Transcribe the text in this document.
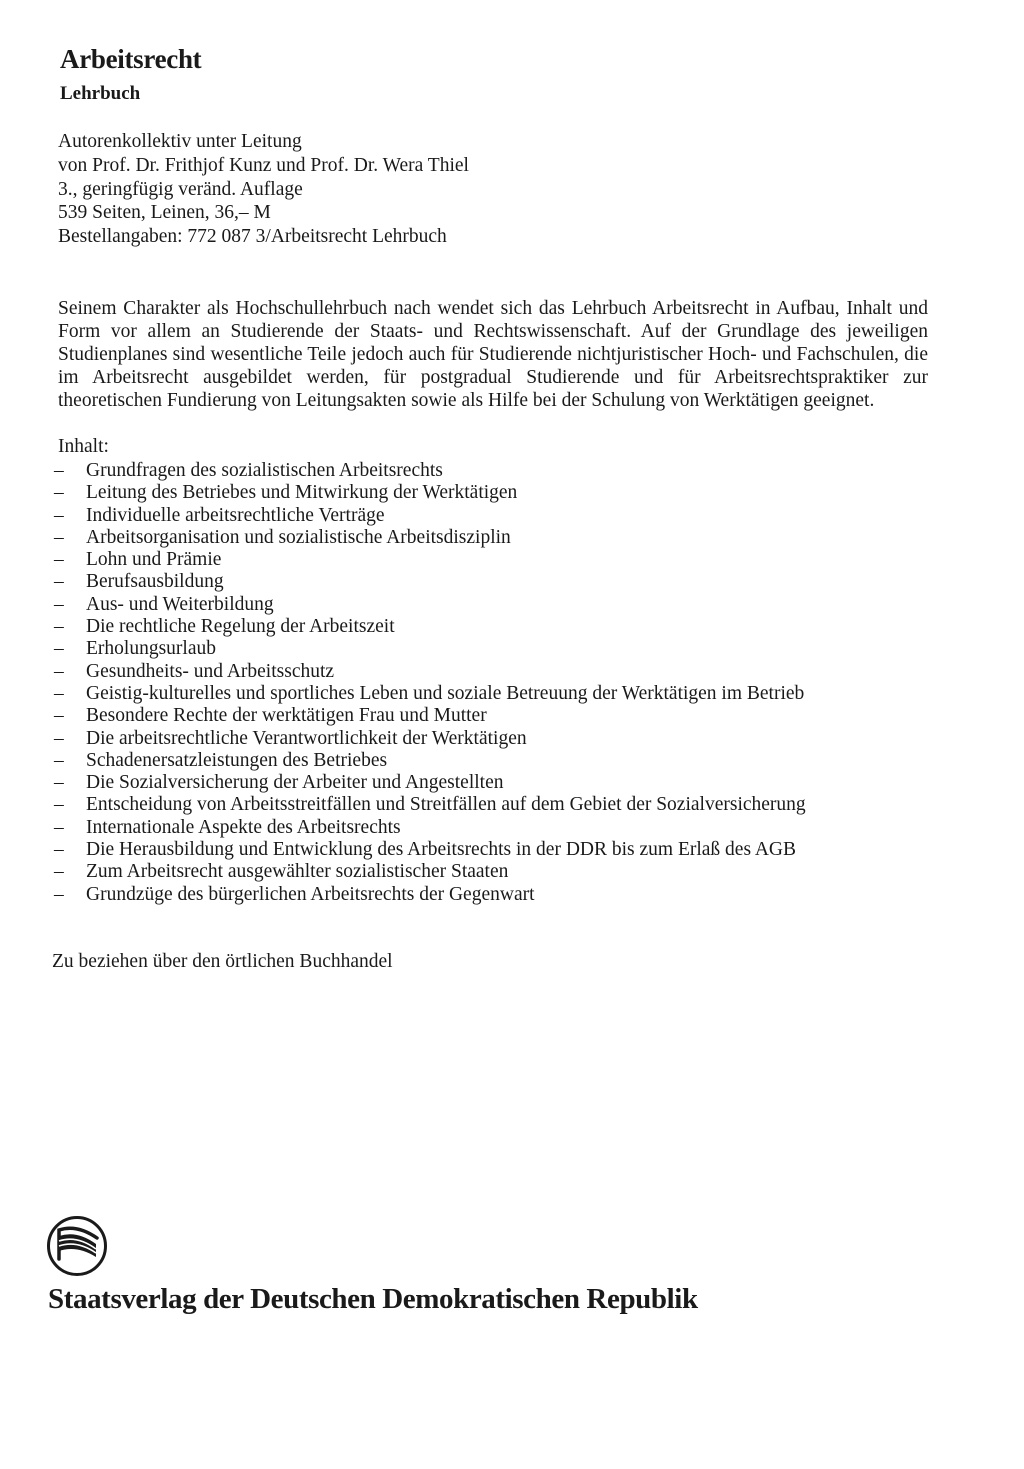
Arbeitsrecht
Lehrbuch
Autorenkollektiv unter Leitung
von Prof. Dr. Frithjof Kunz und Prof. Dr. Wera Thiel
3., geringfügig veränd. Auflage
539 Seiten, Leinen, 36,– M
Bestellangaben: 772 087 3/Arbeitsrecht Lehrbuch

Seinem Charakter als Hochschullehrbuch nach wendet sich das Lehrbuch Arbeitsrecht in Aufbau, Inhalt und Form vor allem an Studierende der Staats- und Rechtswissenschaft. Auf der Grundlage des jeweiligen Studienplanes sind wesentliche Teile jedoch auch für Studierende nichtjuristischer Hoch- und Fachschulen, die im Arbeitsrecht ausgebildet werden, für postgradual Studierende und für Arbeitsrechtspraktiker zur theoretischen Fundierung von Leitungsakten sowie als Hilfe bei der Schulung von Werktätigen geeignet.

Inhalt:

– Grundfragen des sozialistischen Arbeitsrechts
– Leitung des Betriebes und Mitwirkung der Werktätigen
– Individuelle arbeitsrechtliche Verträge
– Arbeitsorganisation und sozialistische Arbeitsdisziplin
– Lohn und Prämie
– Berufsausbildung
– Aus- und Weiterbildung
– Die rechtliche Regelung der Arbeitszeit
– Erholungsurlaub
– Gesundheits- und Arbeitsschutz
– Geistig-kulturelles und sportliches Leben und soziale Betreuung der Werktätigen im Betrieb
– Besondere Rechte der werktätigen Frau und Mutter
– Die arbeitsrechtliche Verantwortlichkeit der Werktätigen
– Schadenersatzleistungen des Betriebes
– Die Sozialversicherung der Arbeiter und Angestellten
– Entscheidung von Arbeitsstreitfällen und Streitfällen auf dem Gebiet der Sozialversicherung
– Internationale Aspekte des Arbeitsrechts
– Die Herausbildung und Entwicklung des Arbeitsrechts in der DDR bis zum Erlaß des AGB
– Zum Arbeitsrecht ausgewählter sozialistischer Staaten
– Grundzüge des bürgerlichen Arbeitsrechts der Gegenwart

Zu beziehen über den örtlichen Buchhandel

Staatsverlag der Deutschen Demokratischen Republik
